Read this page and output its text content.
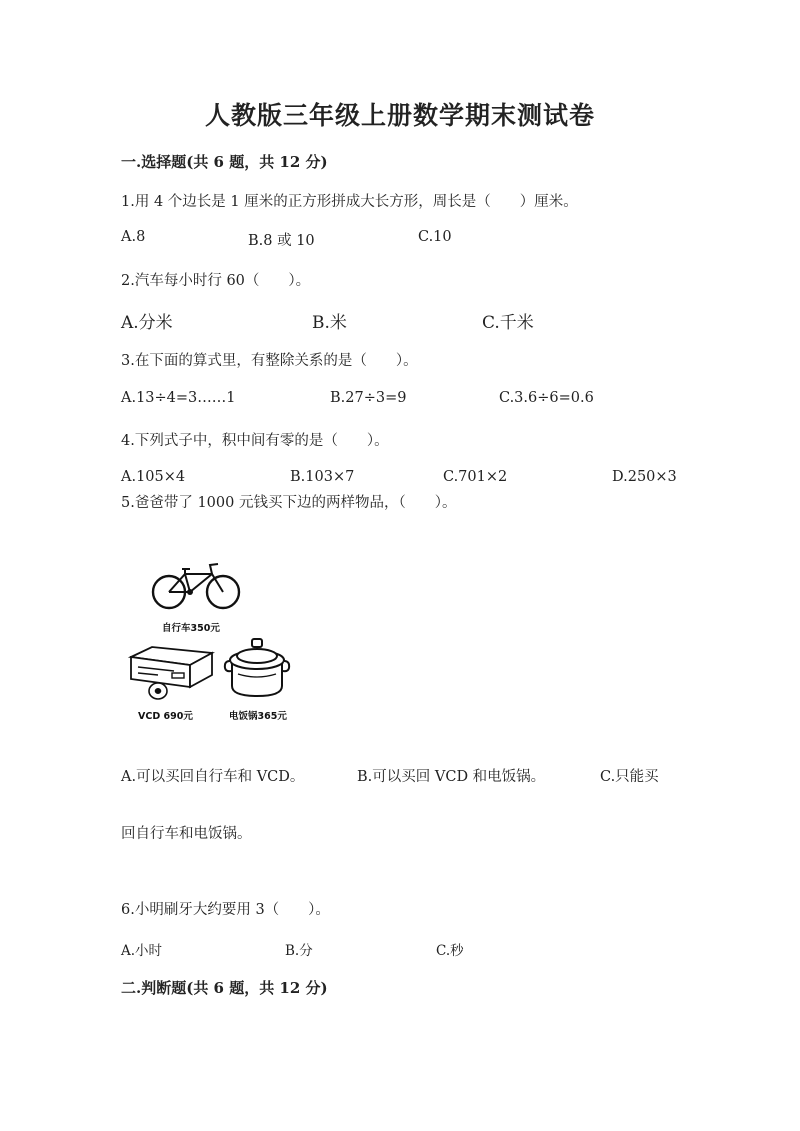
人教版三年级上册数学期末测试卷
一.选择题(共 6 题，共 12 分)
1.用 4 个边长是 1 厘米的正方形拼成大长方形，周长是（　　）厘米。
A.8	B.8 或 10	C.10
2.汽车每小时行 60（　　）。
A.分米	B.米	C.千米
3.在下面的算式里，有整除关系的是（　　）。
A.13÷4=3……1	B.27÷3=9	C.3.6÷6=0.6
4.下列式子中，积中间有零的是（　　）。
A.105×4	B.103×7	C.701×2	D.250×3
5.爸爸带了 1000 元钱买下边的两样物品，（　　）。
自行车350元
VCD 690元	电饭锅365元
A.可以买回自行车和 VCD。	B.可以买回 VCD 和电饭锅。	C.只能买
回自行车和电饭锅。
6.小明刷牙大约要用 3（　　）。
A.小时	B.分	C.秒
二.判断题(共 6 题，共 12 分)
